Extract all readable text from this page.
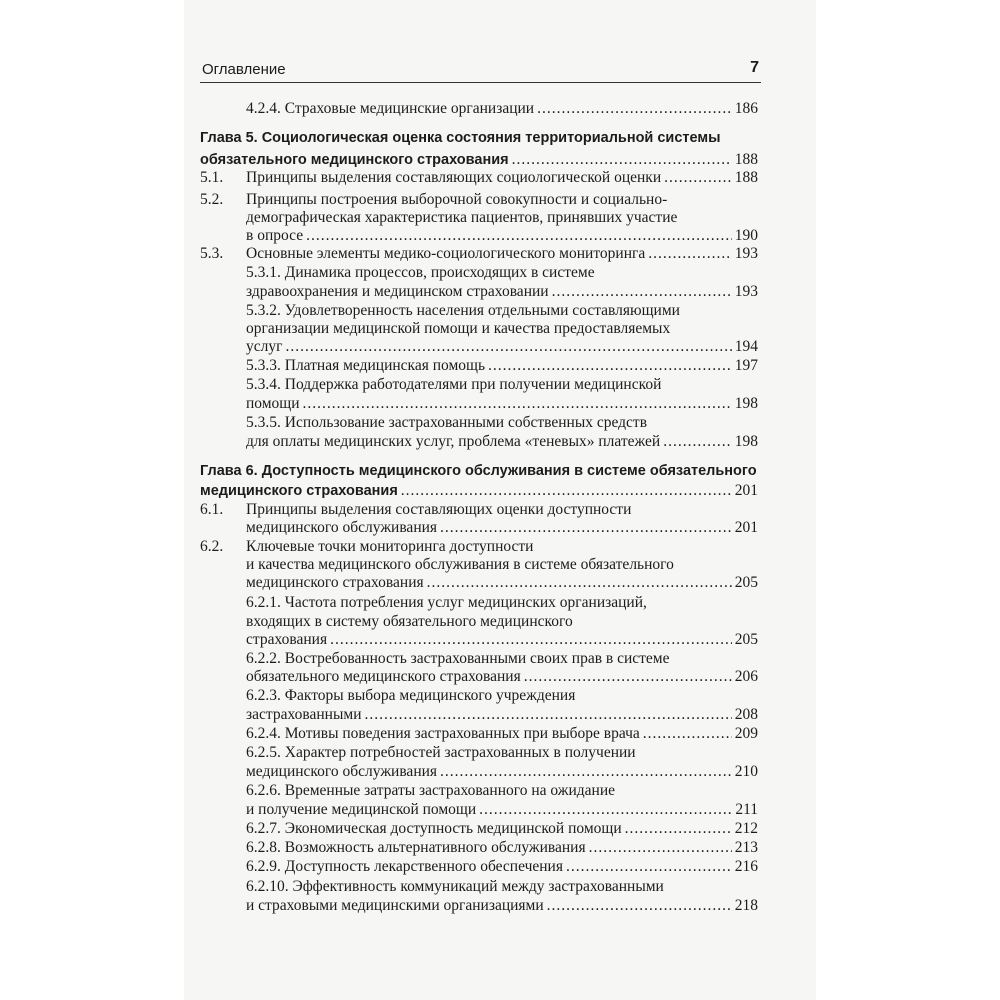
Оглавление	7
4.2.4. Страховые медицинские организации .....	186
Глава 5. Социологическая оценка состояния территориальной системы
обязательного медицинского страхования .....	188
5.1. Принципы выделения составляющих социологической оценки .....	188
5.2. Принципы построения выборочной совокупности и социально-
демографическая характеристика пациентов, принявших участие
в опросе .....	190
5.3. Основные элементы медико-социологического мониторинга .....	193
5.3.1. Динамика процессов, происходящих в системе
здравоохранения и медицинском страховании .....	193
5.3.2. Удовлетворенность населения отдельными составляющими
организации медицинской помощи и качества предоставляемых
услуг .....	194
5.3.3. Платная медицинская помощь .....	197
5.3.4. Поддержка работодателями при получении медицинской
помощи .....	198
5.3.5. Использование застрахованными собственных средств
для оплаты медицинских услуг, проблема «теневых» платежей .....	198
Глава 6. Доступность медицинского обслуживания в системе обязательного
медицинского страхования .....	201
6.1. Принципы выделения составляющих оценки доступности
медицинского обслуживания .....	201
6.2. Ключевые точки мониторинга доступности
и качества медицинского обслуживания в системе обязательного
медицинского страхования .....	205
6.2.1. Частота потребления услуг медицинских организаций,
входящих в систему обязательного медицинского
страхования .....	205
6.2.2. Востребованность застрахованными своих прав в системе
обязательного медицинского страхования .....	206
6.2.3. Факторы выбора медицинского учреждения
застрахованными .....	208
6.2.4. Мотивы поведения застрахованных при выборе врача .....	209
6.2.5. Характер потребностей застрахованных в получении
медицинского обслуживания .....	210
6.2.6. Временные затраты застрахованного на ожидание
и получение медицинской помощи .....	211
6.2.7. Экономическая доступность медицинской помощи .....	212
6.2.8. Возможность альтернативного обслуживания .....	213
6.2.9. Доступность лекарственного обеспечения .....	216
6.2.10. Эффективность коммуникаций между застрахованными
и страховыми медицинскими организациями .....	218
